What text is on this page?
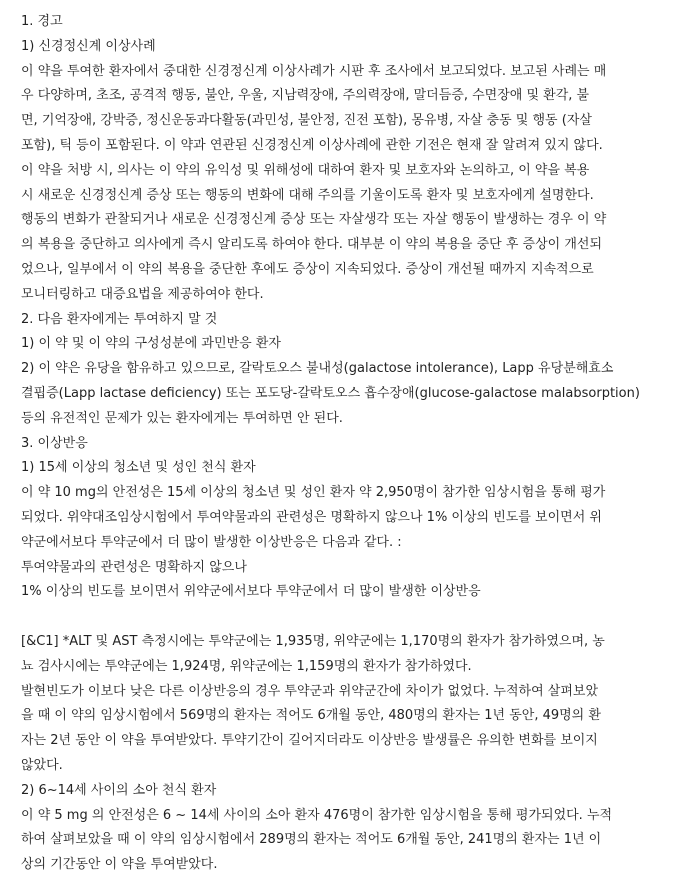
1. 경고
1) 신경정신계 이상사례
이 약을 투여한 환자에서 중대한 신경정신계 이상사례가 시판 후 조사에서 보고되었다. 보고된 사례는 매
우 다양하며, 초조, 공격적 행동, 불안, 우울, 지남력장애, 주의력장애, 말더듬증, 수면장애 및 환각, 불
면, 기억장애, 강박증, 정신운동과다활동(과민성, 불안정, 진전 포함), 몽유병, 자살 충동 및 행동 (자살
포함), 틱 등이 포함된다. 이 약과 연관된 신경정신계 이상사례에 관한 기전은 현재 잘 알려져 있지 않다.
이 약을 처방 시, 의사는 이 약의 유익성 및 위해성에 대하여 환자 및 보호자와 논의하고, 이 약을 복용
시 새로운 신경정신계 증상 또는 행동의 변화에 대해 주의를 기울이도록 환자 및 보호자에게 설명한다.
행동의 변화가 관찰되거나 새로운 신경정신계 증상 또는 자살생각 또는 자살 행동이 발생하는 경우 이 약
의 복용을 중단하고 의사에게 즉시 알리도록 하여야 한다. 대부분 이 약의 복용을 중단 후 증상이 개선되
었으나, 일부에서 이 약의 복용을 중단한 후에도 증상이 지속되었다. 증상이 개선될 때까지 지속적으로
모니터링하고 대증요법을 제공하여야 한다.
2. 다음 환자에게는 투여하지 말 것
1) 이 약 및 이 약의 구성성분에 과민반응 환자
2) 이 약은 유당을 함유하고 있으므로, 갈락토오스 불내성(galactose intolerance), Lapp 유당분해효소
결핍증(Lapp lactase deficiency) 또는 포도당-갈락토오스 흡수장애(glucose-galactose malabsorption)
등의 유전적인 문제가 있는 환자에게는 투여하면 안 된다.
3. 이상반응
1) 15세 이상의 청소년 및 성인 천식 환자
이 약 10 mg의 안전성은 15세 이상의 청소년 및 성인 환자 약 2,950명이 참가한 임상시험을 통해 평가
되었다. 위약대조임상시험에서 투여약물과의 관련성은 명확하지 않으나 1% 이상의 빈도를 보이면서 위
약군에서보다 투약군에서 더 많이 발생한 이상반응은 다음과 같다. :
투여약물과의 관련성은 명확하지 않으나
1% 이상의 빈도를 보이면서 위약군에서보다 투약군에서 더 많이 발생한 이상반응
[&C1] *ALT 및 AST 측정시에는 투약군에는 1,935명, 위약군에는 1,170명의 환자가 참가하였으며, 농
뇨 검사시에는 투약군에는 1,924명, 위약군에는 1,159명의 환자가 참가하였다.
발현빈도가 이보다 낮은 다른 이상반응의 경우 투약군과 위약군간에 차이가 없었다. 누적하여 살펴보았
을 때 이 약의 임상시험에서 569명의 환자는 적어도 6개월 동안, 480명의 환자는 1년 동안, 49명의 환
자는 2년 동안 이 약을 투여받았다. 투약기간이 길어지더라도 이상반응 발생률은 유의한 변화를 보이지
않았다.
2) 6~14세 사이의 소아 천식 환자
이 약 5 mg 의 안전성은 6 ~ 14세 사이의 소아 환자 476명이 참가한 임상시험을 통해 평가되었다. 누적
하여 살펴보았을 때 이 약의 임상시험에서 289명의 환자는 적어도 6개월 동안, 241명의 환자는 1년 이
상의 기간동안 이 약을 투여받았다.
